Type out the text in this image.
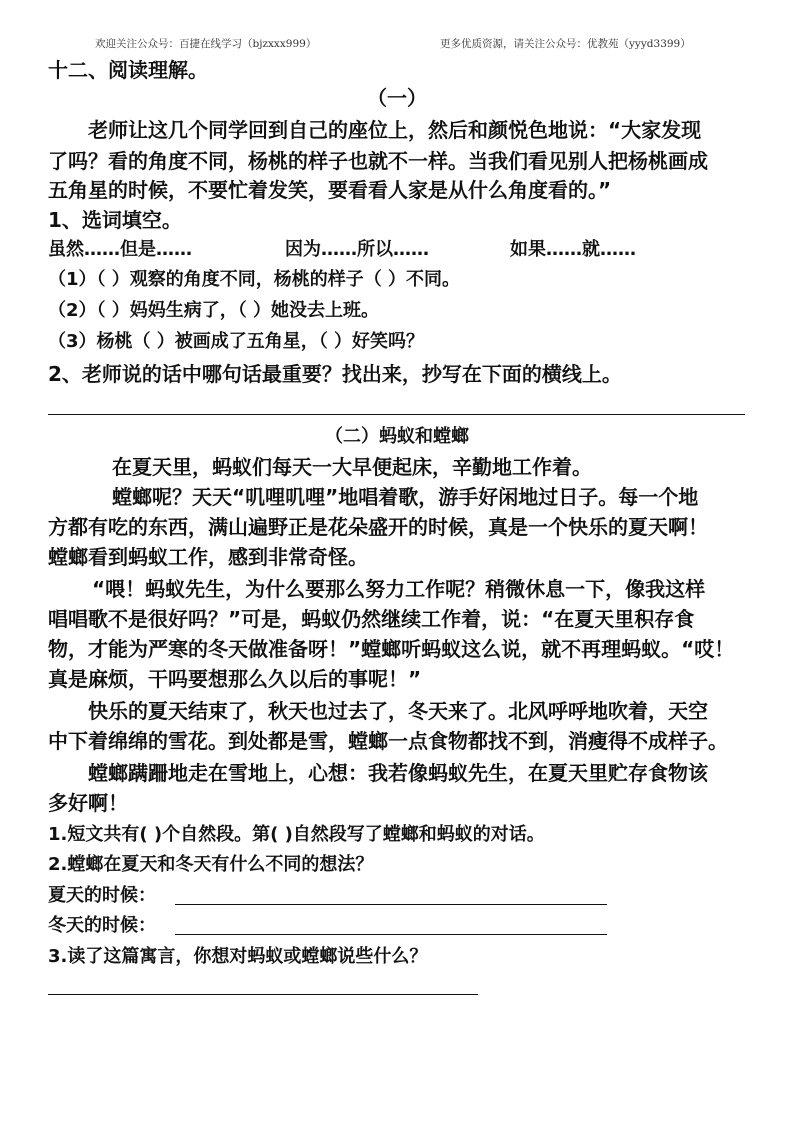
欢迎关注公众号：百捷在线学习（bjzxxx999）	更多优质资源，请关注公众号：优教苑（yyyd3399）
十二、阅读理解。
（一）
老师让这几个同学回到自己的座位上，然后和颜悦色地说：“大家发现
了吗？看的角度不同，杨桃的样子也就不一样。当我们看见别人把杨桃画成
五角星的时候，不要忙着发笑，要看看人家是从什么角度看的。”
1、选词填空。
虽然……但是……	因为……所以……	如果……就……
（1）（ ）观察的角度不同，杨桃的样子（ ）不同。
（2）（ ）妈妈生病了，（ ）她没去上班。
（3）杨桃（ ）被画成了五角星，（ ）好笑吗？
2、老师说的话中哪句话最重要？找出来，抄写在下面的横线上。
（二）蚂蚁和螳螂
在夏天里，蚂蚁们每天一大早便起床，辛勤地工作着。
螳螂呢？天天“叽哩叽哩”地唱着歌，游手好闲地过日子。每一个地
方都有吃的东西，满山遍野正是花朵盛开的时候，真是一个快乐的夏天啊！
螳螂看到蚂蚁工作，感到非常奇怪。
“喂！蚂蚁先生，为什么要那么努力工作呢？稍微休息一下，像我这样
唱唱歌不是很好吗？”可是，蚂蚁仍然继续工作着，说：“在夏天里积存食
物，才能为严寒的冬天做准备呀！”螳螂听蚂蚁这么说，就不再理蚂蚁。“哎！
真是麻烦，干吗要想那么久以后的事呢！”
快乐的夏天结束了，秋天也过去了，冬天来了。北风呼呼地吹着，天空
中下着绵绵的雪花。到处都是雪，螳螂一点食物都找不到，消瘦得不成样子。
螳螂蹒跚地走在雪地上，心想：我若像蚂蚁先生，在夏天里贮存食物该
多好啊！
1.短文共有( )个自然段。第( )自然段写了螳螂和蚂蚁的对话。
2.螳螂在夏天和冬天有什么不同的想法？
夏天的时候：
冬天的时候：
3.读了这篇寓言，你想对蚂蚁或螳螂说些什么？
